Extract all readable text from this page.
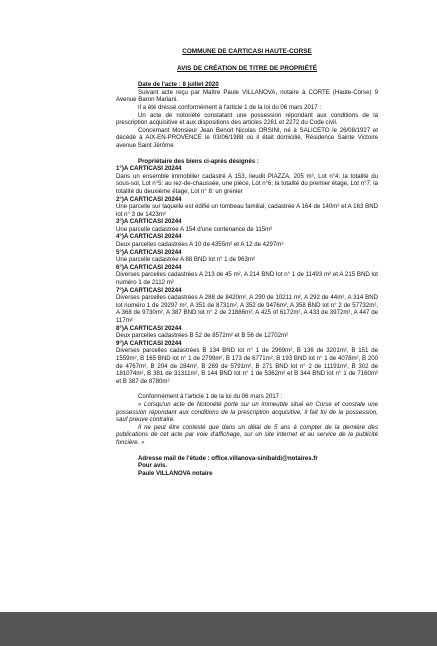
COMMUNE DE CARTICASI HAUTE-CORSE
AVIS DE CRÉATION DE TITRE DE PROPRIÉTÉ
Date de l'acte : 8 juillet 2020
Suivant acte reçu par Maître Paule VILLANOVA, notaire à CORTE (Haute-Corse) 9 Avenue Baron Mariani.
Il a été dressé conformément à l'article 1 de la loi du 06 mars 2017 :
Un acte de notoriété constatant une possession répondant aux conditions de la prescription acquisitive et aux dispositions des articles 2261 et 2272 du Code civil.
Concernant Monsieur Jean Benoit Nicolas ORSINI, né à SALICETO le 26/08/1927 et décédé à AIX-EN-PROVENCE le 03/06/1988 où il était domicilié, Résidence Sainte Victoire avenue Saint Jérôme
Propriétaire des biens ci-après désignés :
1°)A CARTICASI 20244
Dans un ensemble immobilier cadastré A 153, lieudit PIAZZA, 205 m², Lot n°4: la totalité du sous-sol, Lot n°5: au rez-de-chaussée, une pièce, Lot n°6: la totalité du premier étage, Lot n°7: la totalité du deuxième étage, Lot n° 8: un grenier
2°)A CARTICASI 20244
Une parcelle sur laquelle est édifié un tombeau familial, cadastrée A 164 de 140m² et A 163 BND lot n° 3 de 1423m²
3°)A CARTICASI 20244
Une parcelle cadastrée A 154 d'une contenance de 115m²
4°)A CARTICASI 20244
Deux parcelles cadastrées A 10 de 4355m² et A 12 de 4297m²
5°)A CARTICASI 20244
Une parcelle cadastrée A 88 BND lot n° 1 de 963m²
6°)A CARTICASI 20244
Diverses parcelles cadastrées A 213 de 45 m², A 214 BND lot n° 1 de 11493 m² et A 215 BND lot numéro 1 de 2112 m²
7°)A CARTICASI 20244
Diverses parcelles cadastrées A 288 de 8420m², A 290 de 10211 m², A 292 de 44m², A 314 BND lot numéro 1 de 29297 m², A 351 de 8731m², A 352 de 9476m², A 358 BND lot n° 2 de 57732m², A 368 de 9730m², A 387 BND lot n° 2 de 21886m², A 425 of 6172m², A 433 de 3972m², A 447 de 117m²
8°)A CARTICASI 20244
Deux parcelles cadastrées B 52 de 8572m² et B 56 de 12702m²
9°)A CARTICASI 20244
Diverses parcelles cadastrées B 134 BND lot n° 1 de 2969m², B 136 de 3201m², B 151 de 1559m², B 165 BND lot n° 1 de 2799m², B 173 de 6771m², B 193 BND lot n° 1 de 4078m², B 200 de 4767m², B 204 de 284m², B 269 de 5791m², B 271 BND lot n° 2 de 11191m², B 302 de 181074m², B 381 de 31311m², B 144 BND lot n° 1 de 5362m² et B 344 BND lot n° 1 de 7160m² et B 387 de 8780m²
Conformément à l'article 1 de la loi du 06 mars 2017 :
« Lorsqu'un acte de Notoriété porte sur un immeuble situé en Corse et constate une possession répondant aux conditions de la prescription acquisitive, il fait foi de la possession, sauf preuve contraire.
Il ne peut être contesté que dans un délai de 5 ans à compter de la dernière des publications de cet acte par voie d'affichage, sur un site internet et au service de la publicité foncière. »
Adresse mail de l'étude : office.villanova-sinibaldi@notaires.fr
Pour avis.
Paule VILLANOVA notaire
